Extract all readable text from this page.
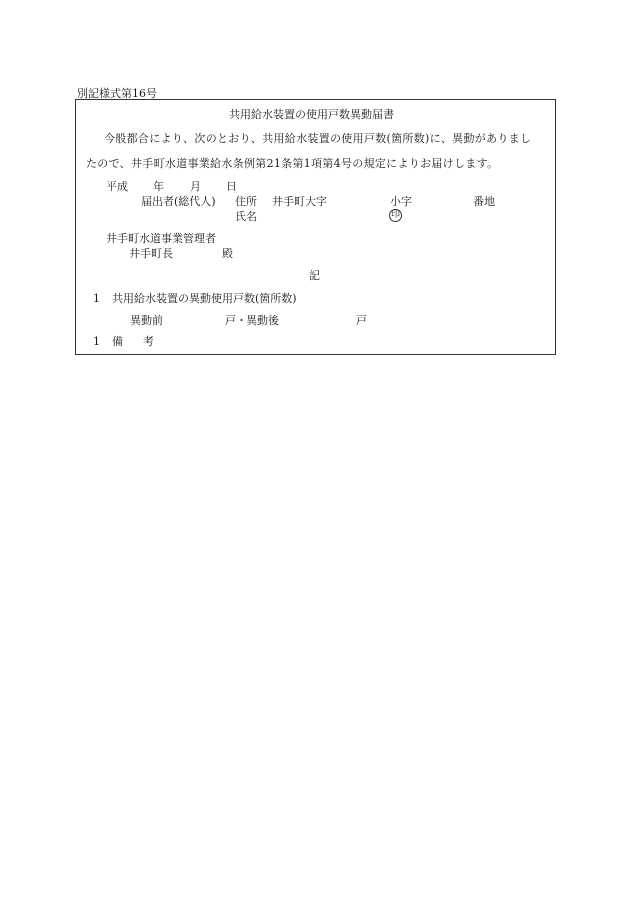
別記様式第16号
共用給水装置の使用戸数異動届書
今般都合により、次のとおり、共用給水装置の使用戸数(箇所数)に、異動がありまし
たので、井手町水道事業給水条例第21条第1項第4号の規定によりお届けします。
平成 年 月 日
届出者(総代人) 住所 井手町大字	小字	番地
氏名	印
井手町水道事業管理者
井手町長	殿
記
1 共用給水装置の異動使用戸数(箇所数)
異動前	戸・ 異動後	戸
1 備考
